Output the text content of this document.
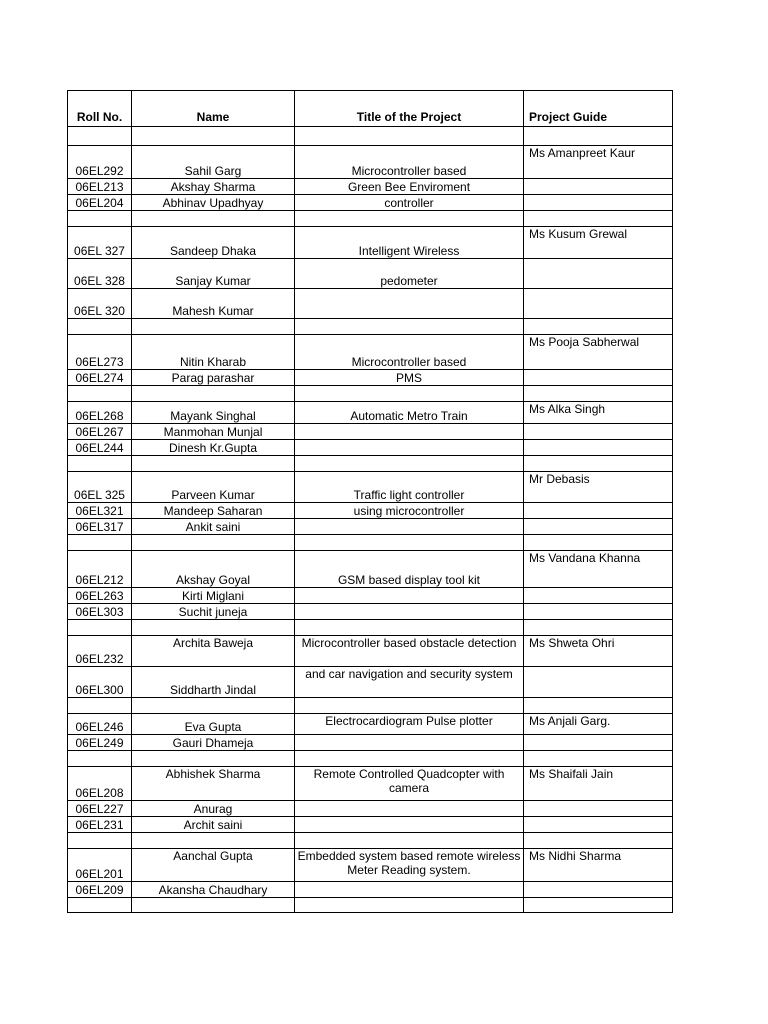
Roll No.	Name	Title of the Project	Project Guide

06EL292	Sahil Garg	Microcontroller based	Ms Amanpreet Kaur
06EL213	Akshay Sharma	Green Bee Enviroment	
06EL204	Abhinav Upadhyay	controller	

06EL 327	Sandeep Dhaka	Intelligent Wireless	Ms Kusum Grewal
06EL 328	Sanjay Kumar	pedometer	
06EL 320	Mahesh Kumar		

06EL273	Nitin Kharab	Microcontroller based	Ms Pooja Sabherwal
06EL274	Parag parashar	PMS	

06EL268	Mayank Singhal	Automatic Metro Train	Ms Alka Singh
06EL267	Manmohan Munjal		
06EL244	Dinesh Kr.Gupta		

06EL 325	Parveen Kumar	Traffic light controller	Mr Debasis
06EL321	Mandeep Saharan	using microcontroller	
06EL317	Ankit saini		

06EL212	Akshay Goyal	GSM based display tool kit	Ms Vandana Khanna
06EL263	Kirti Miglani		
06EL303	Suchit juneja		

06EL232	Archita Baweja	Microcontroller based obstacle detection	Ms Shweta Ohri
06EL300	Siddharth Jindal	and car navigation and security system	

06EL246	Eva Gupta	Electrocardiogram Pulse plotter	Ms Anjali Garg.
06EL249	Gauri Dhameja		

06EL208	Abhishek Sharma	Remote Controlled Quadcopter with camera	Ms Shaifali Jain
06EL227	Anurag		
06EL231	Archit saini		

06EL201	Aanchal Gupta	Embedded system based remote wireless Meter Reading system.	Ms Nidhi Sharma
06EL209	Akansha Chaudhary		
